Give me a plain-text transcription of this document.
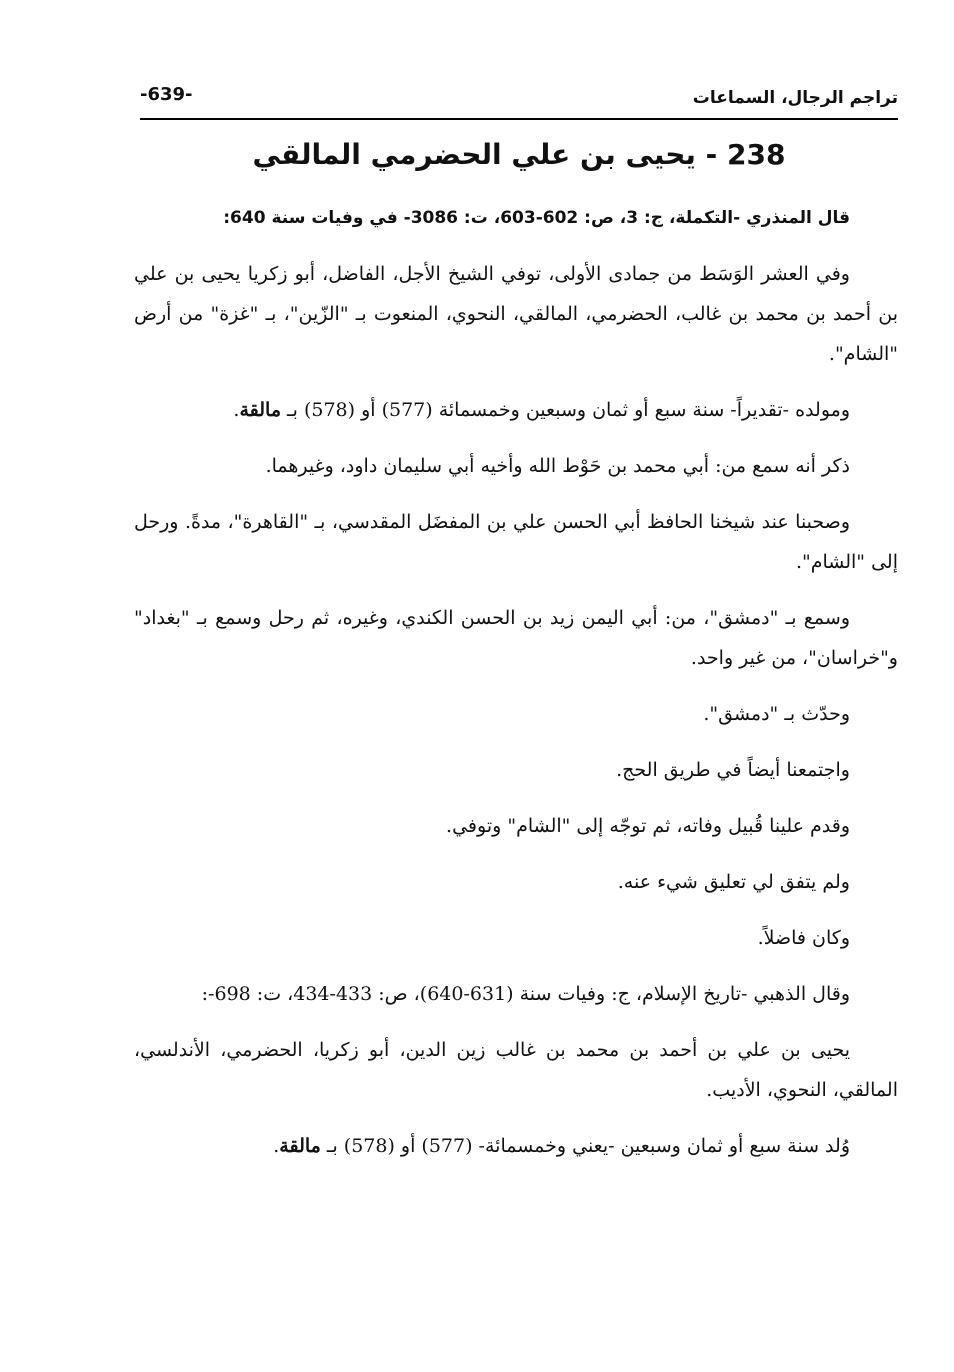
-639-	تراجم الرجال، السماعات
238 - يحيى بن علي الحضرمي المالقي

قال المنذري -التكملة، ج: 3، ص: 602-603، ت: 3086- في وفيات سنة 640:

وفي العشر الوَسَط من جمادى الأولى، توفي الشيخ الأجل، الفاضل، أبو زكريا يحيى بن علي بن أحمد بن محمد بن غالب، الحضرمي، المالقي، النحوي، المنعوت بـ "الزّين"، بـ "غزة" من أرض "الشام".

ومولده -تقديراً- سنة سبع أو ثمان وسبعين وخمسمائة (577) أو (578) بـ مالقة.

ذكر أنه سمع من: أبي محمد بن حَوْط الله وأخيه أبي سليمان داود، وغيرهما.

وصحبنا عند شيخنا الحافظ أبي الحسن علي بن المفضَل المقدسي، بـ "القاهرة"، مدةً. ورحل إلى "الشام".

وسمع بـ "دمشق"، من: أبي اليمن زيد بن الحسن الكندي، وغيره، ثم رحل وسمع بـ "بغداد" و"خراسان"، من غير واحد.

وحدّث بـ "دمشق".

واجتمعنا أيضاً في طريق الحج.

وقدم علينا قُبيل وفاته، ثم توجّه إلى "الشام" وتوفي.

ولم يتفق لي تعليق شيء عنه.

وكان فاضلاً.

وقال الذهبي -تاريخ الإسلام، ج: وفيات سنة (631-640)، ص: 433-434، ت: 698-:

يحيى بن علي بن أحمد بن محمد بن غالب زين الدين، أبو زكريا، الحضرمي، الأندلسي، المالقي، النحوي، الأديب.

وُلد سنة سبع أو ثمان وسبعين -يعني وخمسمائة- (577) أو (578) بـ مالقة.
